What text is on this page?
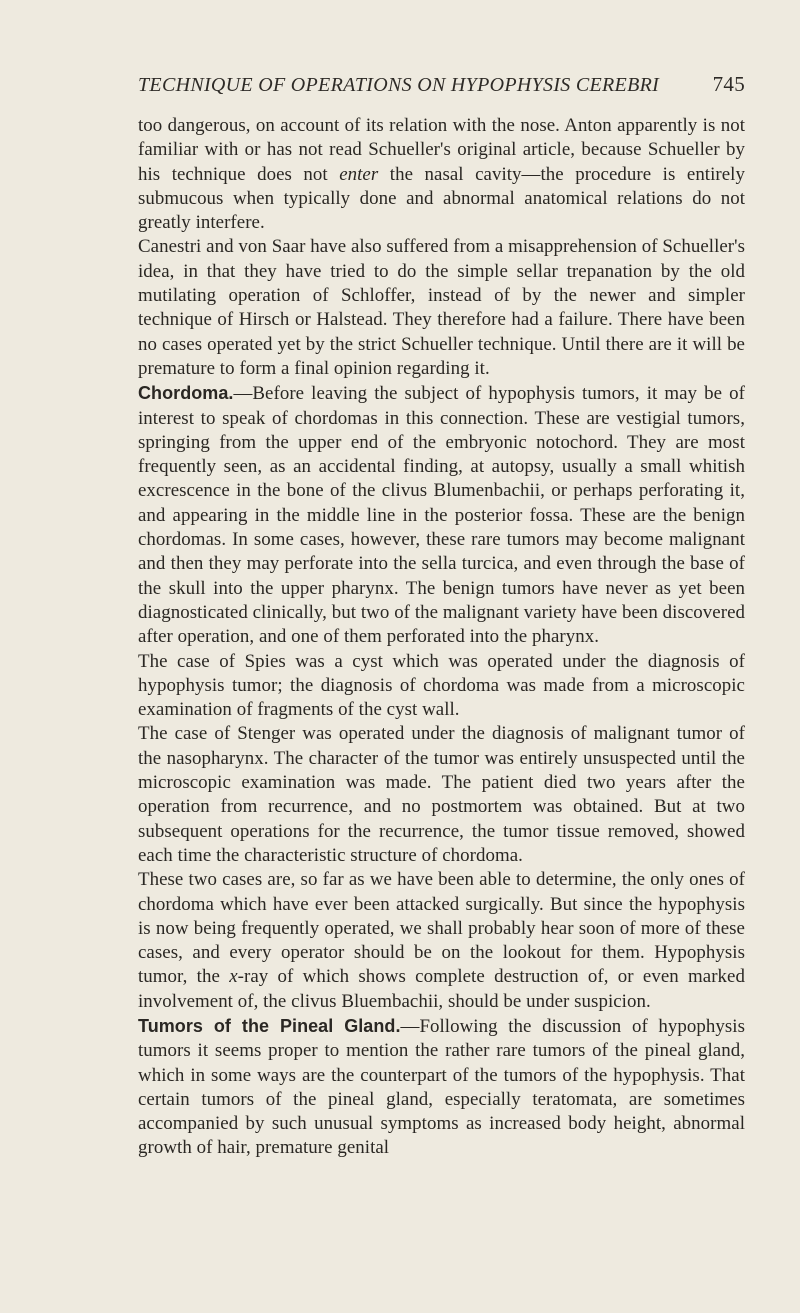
TECHNIQUE OF OPERATIONS ON HYPOPHYSIS CEREBRI	745

too dangerous, on account of its relation with the nose. Anton apparently is not familiar with or has not read Schueller's original article, because Schueller by his technique does not enter the nasal cavity—the procedure is entirely submucous when typically done and abnormal anatomical relations do not greatly interfere.

Canestri and von Saar have also suffered from a misapprehension of Schueller's idea, in that they have tried to do the simple sellar trepanation by the old mutilating operation of Schloffer, instead of by the newer and simpler technique of Hirsch or Halstead. They therefore had a failure. There have been no cases operated yet by the strict Schueller technique. Until there are it will be premature to form a final opinion regarding it.

Chordoma.—Before leaving the subject of hypophysis tumors, it may be of interest to speak of chordomas in this connection. These are vestigial tumors, springing from the upper end of the embryonic notochord. They are most frequently seen, as an accidental finding, at autopsy, usually a small whitish excrescence in the bone of the clivus Blumenbachii, or perhaps perforating it, and appearing in the middle line in the posterior fossa. These are the benign chordomas. In some cases, however, these rare tumors may become malignant and then they may perforate into the sella turcica, and even through the base of the skull into the upper pharynx. The benign tumors have never as yet been diagnosticated clinically, but two of the malignant variety have been discovered after operation, and one of them perforated into the pharynx.

The case of Spies was a cyst which was operated under the diagnosis of hypophysis tumor; the diagnosis of chordoma was made from a microscopic examination of fragments of the cyst wall.

The case of Stenger was operated under the diagnosis of malignant tumor of the nasopharynx. The character of the tumor was entirely unsuspected until the microscopic examination was made. The patient died two years after the operation from recurrence, and no postmortem was obtained. But at two subsequent operations for the recurrence, the tumor tissue removed, showed each time the characteristic structure of chordoma.

These two cases are, so far as we have been able to determine, the only ones of chordoma which have ever been attacked surgically. But since the hypophysis is now being frequently operated, we shall probably hear soon of more of these cases, and every operator should be on the lookout for them. Hypophysis tumor, the x-ray of which shows complete destruction of, or even marked involvement of, the clivus Bluembachii, should be under suspicion.

Tumors of the Pineal Gland.—Following the discussion of hypophysis tumors it seems proper to mention the rather rare tumors of the pineal gland, which in some ways are the counterpart of the tumors of the hypophysis. That certain tumors of the pineal gland, especially teratomata, are sometimes accompanied by such unusual symptoms as increased body height, abnormal growth of hair, premature genital
